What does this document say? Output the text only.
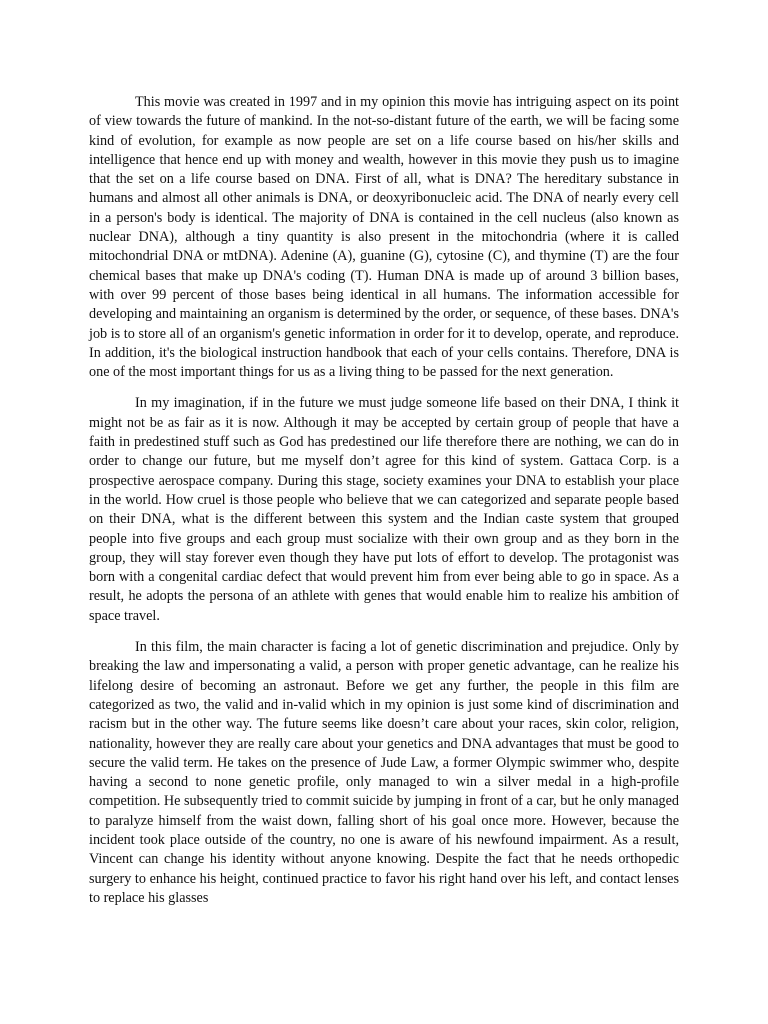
This movie was created in 1997 and in my opinion this movie has intriguing aspect on its point of view towards the future of mankind. In the not-so-distant future of the earth, we will be facing some kind of evolution, for example as now people are set on a life course based on his/her skills and intelligence that hence end up with money and wealth, however in this movie they push us to imagine that the set on a life course based on DNA. First of all, what is DNA? The hereditary substance in humans and almost all other animals is DNA, or deoxyribonucleic acid. The DNA of nearly every cell in a person's body is identical. The majority of DNA is contained in the cell nucleus (also known as nuclear DNA), although a tiny quantity is also present in the mitochondria (where it is called mitochondrial DNA or mtDNA). Adenine (A), guanine (G), cytosine (C), and thymine (T) are the four chemical bases that make up DNA's coding (T). Human DNA is made up of around 3 billion bases, with over 99 percent of those bases being identical in all humans. The information accessible for developing and maintaining an organism is determined by the order, or sequence, of these bases. DNA's job is to store all of an organism's genetic information in order for it to develop, operate, and reproduce. In addition, it's the biological instruction handbook that each of your cells contains. Therefore, DNA is one of the most important things for us as a living thing to be passed for the next generation.

In my imagination, if in the future we must judge someone life based on their DNA, I think it might not be as fair as it is now. Although it may be accepted by certain group of people that have a faith in predestined stuff such as God has predestined our life therefore there are nothing, we can do in order to change our future, but me myself don’t agree for this kind of system. Gattaca Corp. is a prospective aerospace company. During this stage, society examines your DNA to establish your place in the world. How cruel is those people who believe that we can categorized and separate people based on their DNA, what is the different between this system and the Indian caste system that grouped people into five groups and each group must socialize with their own group and as they born in the group, they will stay forever even though they have put lots of effort to develop. The protagonist was born with a congenital cardiac defect that would prevent him from ever being able to go in space. As a result, he adopts the persona of an athlete with genes that would enable him to realize his ambition of space travel.

In this film, the main character is facing a lot of genetic discrimination and prejudice. Only by breaking the law and impersonating a valid, a person with proper genetic advantage, can he realize his lifelong desire of becoming an astronaut. Before we get any further, the people in this film are categorized as two, the valid and in-valid which in my opinion is just some kind of discrimination and racism but in the other way. The future seems like doesn’t care about your races, skin color, religion, nationality, however they are really care about your genetics and DNA advantages that must be good to secure the valid term. He takes on the presence of Jude Law, a former Olympic swimmer who, despite having a second to none genetic profile, only managed to win a silver medal in a high-profile competition. He subsequently tried to commit suicide by jumping in front of a car, but he only managed to paralyze himself from the waist down, falling short of his goal once more. However, because the incident took place outside of the country, no one is aware of his newfound impairment. As a result, Vincent can change his identity without anyone knowing. Despite the fact that he needs orthopedic surgery to enhance his height, continued practice to favor his right hand over his left, and contact lenses to replace his glasses
